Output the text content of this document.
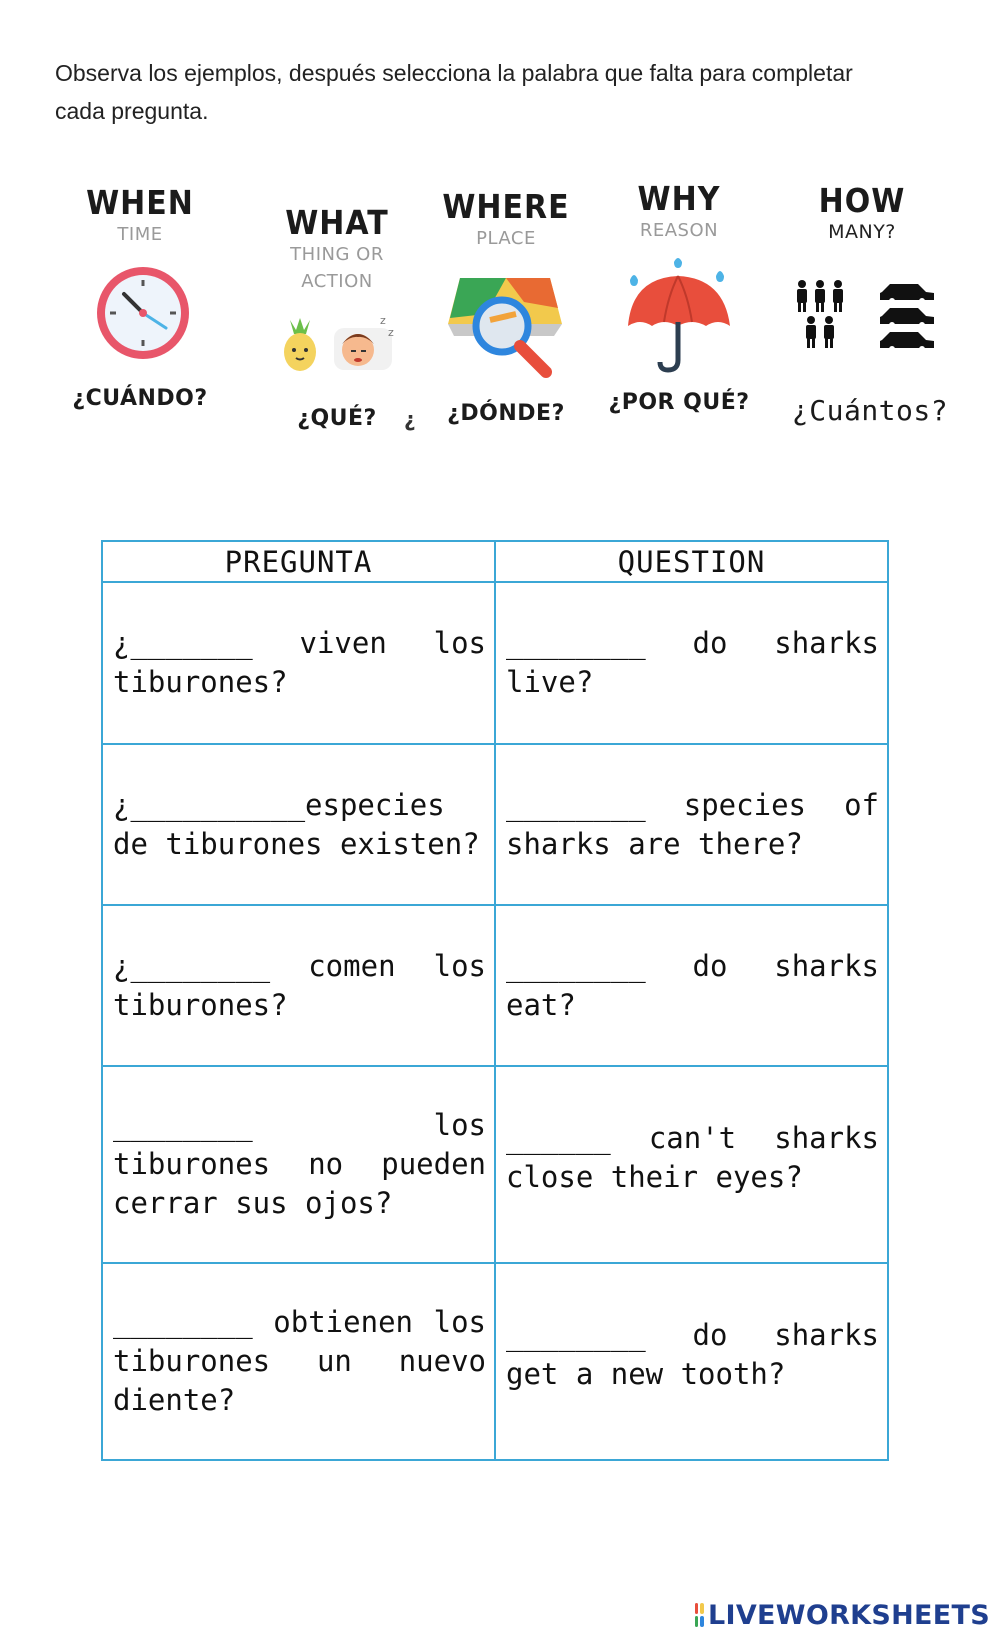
Observa los ejemplos, después selecciona la palabra que falta para completar cada pregunta.

WHEN
TIME
¿CUÁNDO?
WHAT
THING OR
ACTION
z
z
¿QUÉ?	¿
WHERE
PLACE
¿DÓNDE?
WHY
REASON
¿POR QUÉ?
HOW
MANY?
¿Cuántos?
PREGUNTA	QUESTION

¿_______ viven los tiburones?	________ do sharks live?

¿__________especies de tiburones existen?	________ species of sharks are there?

¿________ comen los tiburones?	________ do sharks eat?

________ los tiburones no pueden cerrar sus ojos?	______ can't sharks close their eyes?

________ obtienen los tiburones un nuevo diente?	________ do sharks get a new tooth?
LIVEWORKSHEETS
